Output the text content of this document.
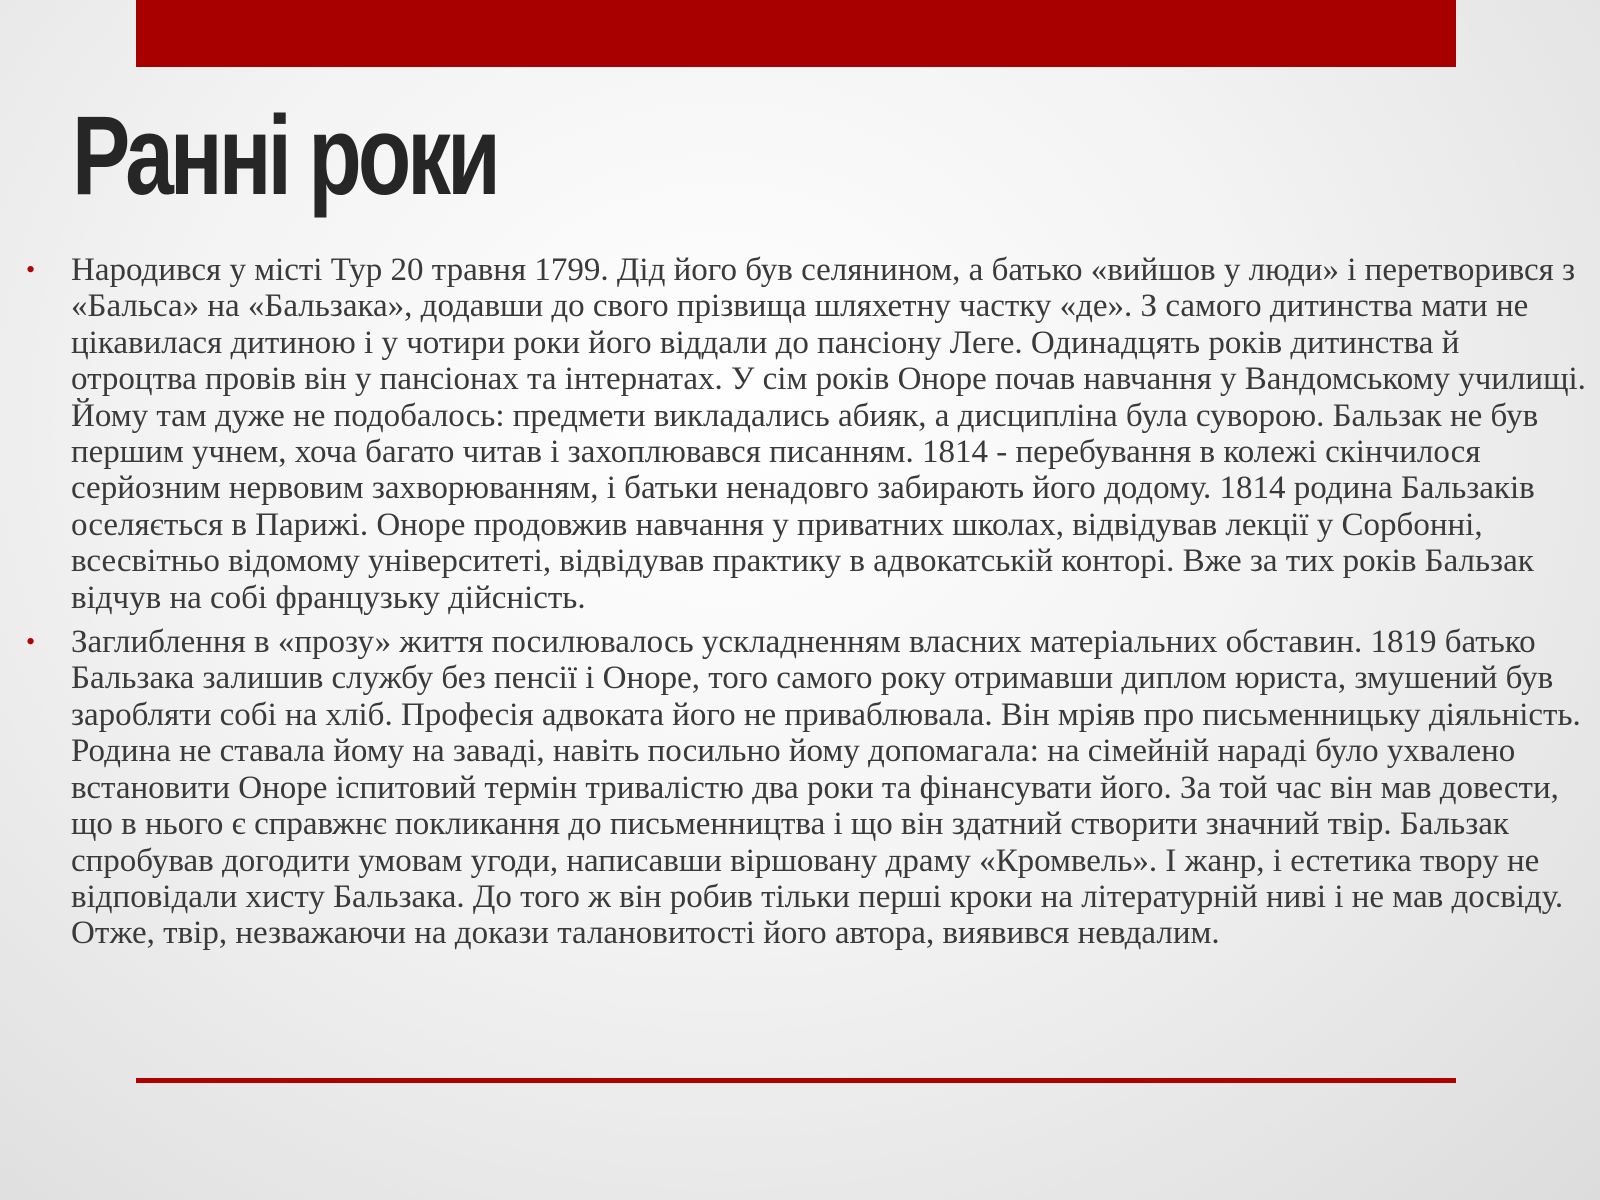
Ранні роки
• Народився у місті Тур 20 травня 1799. Дід його був селянином, а батько «вийшов у люди» і перетворився з «Бальса» на «Бальзака», додавши до свого прізвища шляхетну частку «де». З самого дитинства мати не цікавилася дитиною і у чотири роки його віддали до пансіону Леге. Одинадцять років дитинства й отроцтва провів він у пансіонах та інтернатах. У сім років Оноре почав навчання у Вандомському училищі. Йому там дуже не подобалось: предмети викладались абияк, а дисципліна була суворою. Бальзак не був першим учнем, хоча багато читав і захоплювався писанням. 1814 - перебування в колежі скінчилося серйозним нервовим захворюванням, і батьки ненадовго забирають його додому. 1814 родина Бальзаків оселяється в Парижі. Оноре продовжив навчання у приватних школах, відвідував лекції у Сорбонні, всесвітньо відомому університеті, відвідував практику в адвокатській конторі. Вже за тих років Бальзак відчув на собі французьку дійсність.
• Заглиблення в «прозу» життя посилювалось ускладненням власних матеріальних обставин. 1819 батько Бальзака залишив службу без пенсії і Оноре, того самого року отримавши диплом юриста, змушений був заробляти собі на хліб. Професія адвоката його не приваблювала. Він мріяв про письменницьку діяльність. Родина не ставала йому на заваді, навіть посильно йому допомагала: на сімейній нараді було ухвалено встановити Оноре іспитовий термін тривалістю два роки та фінансувати його. За той час він мав довести, що в нього є справжнє покликання до письменництва і що він здатний створити значний твір. Бальзак спробував догодити умовам угоди, написавши віршовану драму «Кромвель». І жанр, і естетика твору не відповідали хисту Бальзака. До того ж він робив тільки перші кроки на літературній ниві і не мав досвіду. Отже, твір, незважаючи на докази талановитості його автора, виявився невдалим.
